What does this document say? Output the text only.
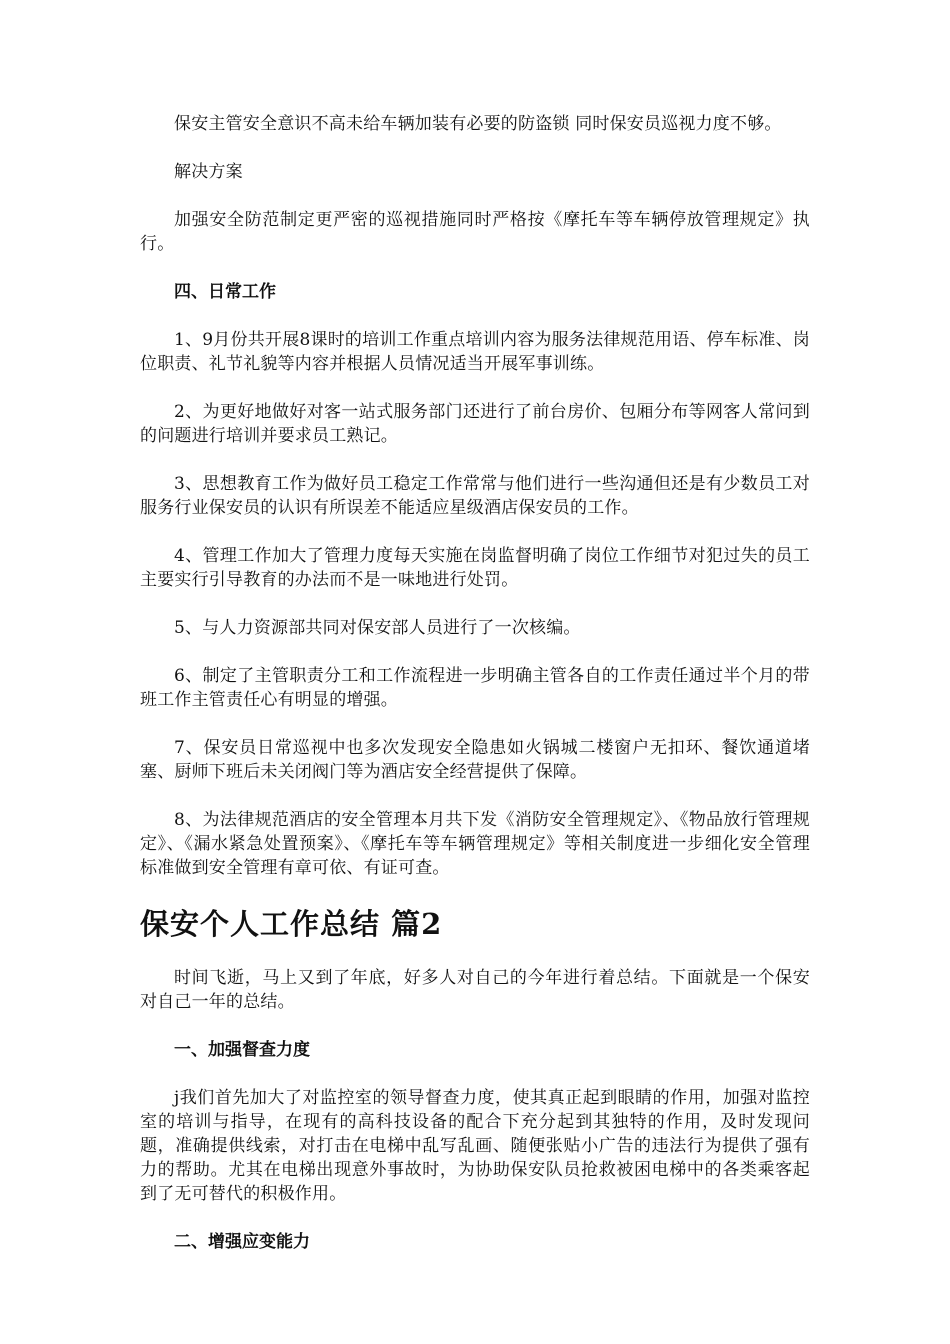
保安主管安全意识不高未给车辆加装有必要的防盗锁 同时保安员巡视力度不够。

解决方案

加强安全防范制定更严密的巡视措施同时严格按《摩托车等车辆停放管理规定》执行。

四、日常工作

1、9月份共开展8课时的培训工作重点培训内容为服务法律规范用语、停车标准、岗位职责、礼节礼貌等内容并根据人员情况适当开展军事训练。

2、为更好地做好对客一站式服务部门还进行了前台房价、包厢分布等网客人常问到的问题进行培训并要求员工熟记。

3、思想教育工作为做好员工稳定工作常常与他们进行一些沟通但还是有少数员工对服务行业保安员的认识有所误差不能适应星级酒店保安员的工作。

4、管理工作加大了管理力度每天实施在岗监督明确了岗位工作细节对犯过失的员工主要实行引导教育的办法而不是一味地进行处罚。

5、与人力资源部共同对保安部人员进行了一次核编。

6、制定了主管职责分工和工作流程进一步明确主管各自的工作责任通过半个月的带班工作主管责任心有明显的增强。

7、保安员日常巡视中也多次发现安全隐患如火锅城二楼窗户无扣环、餐饮通道堵塞、厨师下班后未关闭阀门等为酒店安全经营提供了保障。

8、为法律规范酒店的安全管理本月共下发《消防安全管理规定》、《物品放行管理规定》、《漏水紧急处置预案》、《摩托车等车辆管理规定》等相关制度进一步细化安全管理标准做到安全管理有章可依、有证可查。

保安个人工作总结 篇2

时间飞逝，马上又到了年底，好多人对自己的今年进行着总结。下面就是一个保安对自己一年的总结。

一、加强督查力度

j我们首先加大了对监控室的领导督查力度，使其真正起到眼睛的作用，加强对监控室的培训与指导，在现有的高科技设备的配合下充分起到其独特的作用，及时发现问题，准确提供线索，对打击在电梯中乱写乱画、随便张贴小广告的违法行为提供了强有力的帮助。尤其在电梯出现意外事故时，为协助保安队员抢救被困电梯中的各类乘客起到了无可替代的积极作用。

二、增强应变能力
